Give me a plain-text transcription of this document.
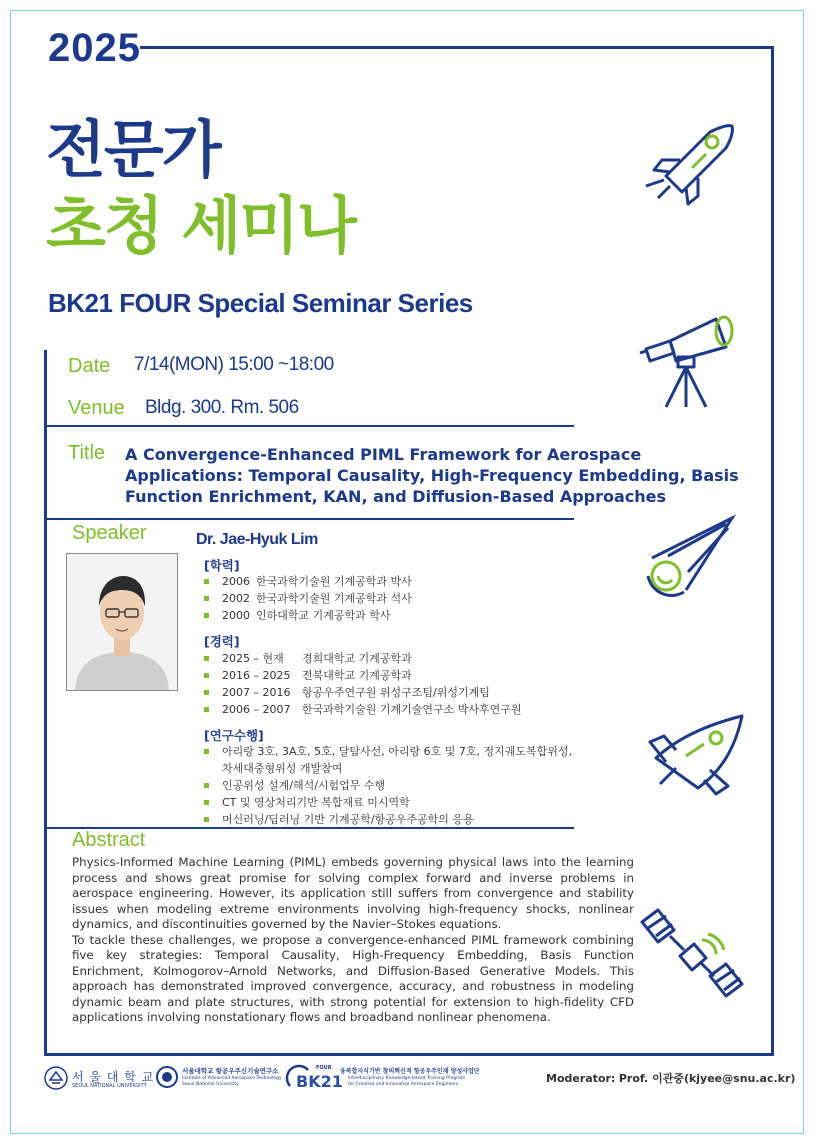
2025
전문가
초청 세미나
BK21 FOUR Special Seminar Series
Date 7/14(MON) 15:00 ~18:00
Venue Bldg. 300. Rm. 506
Title A Convergence-Enhanced PIML Framework for Aerospace Applications: Temporal Causality, High-Frequency Embedding, Basis Function Enrichment, KAN, and Diffusion-Based Approaches
Speaker	Dr. Jae-Hyuk Lim
[학력]
2006 한국과학기술원 기계공학과 박사
2002 한국과학기술원 기계공학과 석사
2000 인하대학교 기계공학과 학사
[경력]
2025 – 현재 경희대학교 기계공학과
2016 – 2025 전북대학교 기계공학과
2007 – 2016 항공우주연구원 위성구조팀/위성기계팀
2006 – 2007 한국과학기술원 기계기술연구소 박사후연구원
[연구수행]
아리랑 3호, 3A호, 5호, 달탐사선, 아리랑 6호 및 7호, 정지궤도복합위성,
차세대중형위성 개발참여
인공위성 설계/해석/시험업무 수행
CT 및 영상처리기반 복합재료 미시역학
머신러닝/딥러닝 기반 기계공학/항공우주공학의 응용
Abstract

Physics-Informed Machine Learning (PIML) embeds governing physical laws into the learning process and shows great promise for solving complex forward and inverse problems in aerospace engineering. However, its application still suffers from convergence and stability issues when modeling extreme environments involving high-frequency shocks, nonlinear dynamics, and discontinuities governed by the Navier–Stokes equations.

To tackle these challenges, we propose a convergence-enhanced PIML framework combining five key strategies: Temporal Causality, High-Frequency Embedding, Basis Function Enrichment, Kolmogorov–Arnold Networks, and Diffusion-Based Generative Models. This approach has demonstrated improved convergence, accuracy, and robustness in modeling dynamic beam and plate structures, with strong potential for extension to high-fidelity CFD applications involving nonstationary flows and broadband nonlinear phenomena.

서 울 대 학 교
SEOUL NATIONAL UNIVERSITY
서울대학교 항공우주신기술연구소
Institute of Advanced Aerospace Technology
Seoul National University
FOUR
BK21
융복합지식기반 창의혁신적 항공우주인재 양성사업단
Interdisciplinary Knowledge-based Training Program
for Creative and Innovative Aerospace Engineers	Moderator: Prof. 이관중(kjyee@snu.ac.kr)
